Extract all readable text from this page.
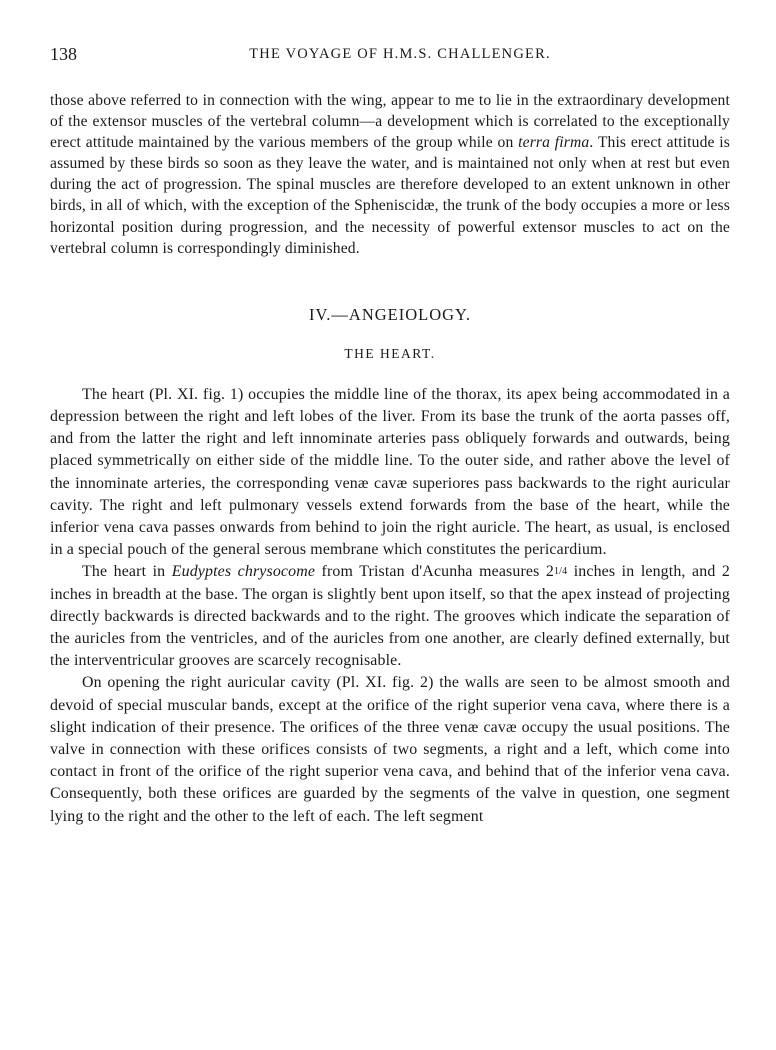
138	THE VOYAGE OF H.M.S. CHALLENGER.

those above referred to in connection with the wing, appear to me to lie in the extraordinary development of the extensor muscles of the vertebral column—a development which is correlated to the exceptionally erect attitude maintained by the various members of the group while on terra firma. This erect attitude is assumed by these birds so soon as they leave the water, and is maintained not only when at rest but even during the act of progression. The spinal muscles are therefore developed to an extent unknown in other birds, in all of which, with the exception of the Spheniscidæ, the trunk of the body occupies a more or less horizontal position during progression, and the necessity of powerful extensor muscles to act on the vertebral column is correspondingly diminished.

IV.—ANGEIOLOGY.
THE HEART.

The heart (Pl. XI. fig. 1) occupies the middle line of the thorax, its apex being accommodated in a depression between the right and left lobes of the liver. From its base the trunk of the aorta passes off, and from the latter the right and left innominate arteries pass obliquely forwards and outwards, being placed symmetrically on either side of the middle line. To the outer side, and rather above the level of the innominate arteries, the corresponding venæ cavæ superiores pass backwards to the right auricular cavity. The right and left pulmonary vessels extend forwards from the base of the heart, while the inferior vena cava passes onwards from behind to join the right auricle. The heart, as usual, is enclosed in a special pouch of the general serous membrane which constitutes the pericardium.

The heart in Eudyptes chrysocome from Tristan d'Acunha measures 21/4 inches in length, and 2 inches in breadth at the base. The organ is slightly bent upon itself, so that the apex instead of projecting directly backwards is directed backwards and to the right. The grooves which indicate the separation of the auricles from the ventricles, and of the auricles from one another, are clearly defined externally, but the interventricular grooves are scarcely recognisable.

On opening the right auricular cavity (Pl. XI. fig. 2) the walls are seen to be almost smooth and devoid of special muscular bands, except at the orifice of the right superior vena cava, where there is a slight indication of their presence. The orifices of the three venæ cavæ occupy the usual positions. The valve in connection with these orifices consists of two segments, a right and a left, which come into contact in front of the orifice of the right superior vena cava, and behind that of the inferior vena cava. Consequently, both these orifices are guarded by the segments of the valve in question, one segment lying to the right and the other to the left of each. The left segment
